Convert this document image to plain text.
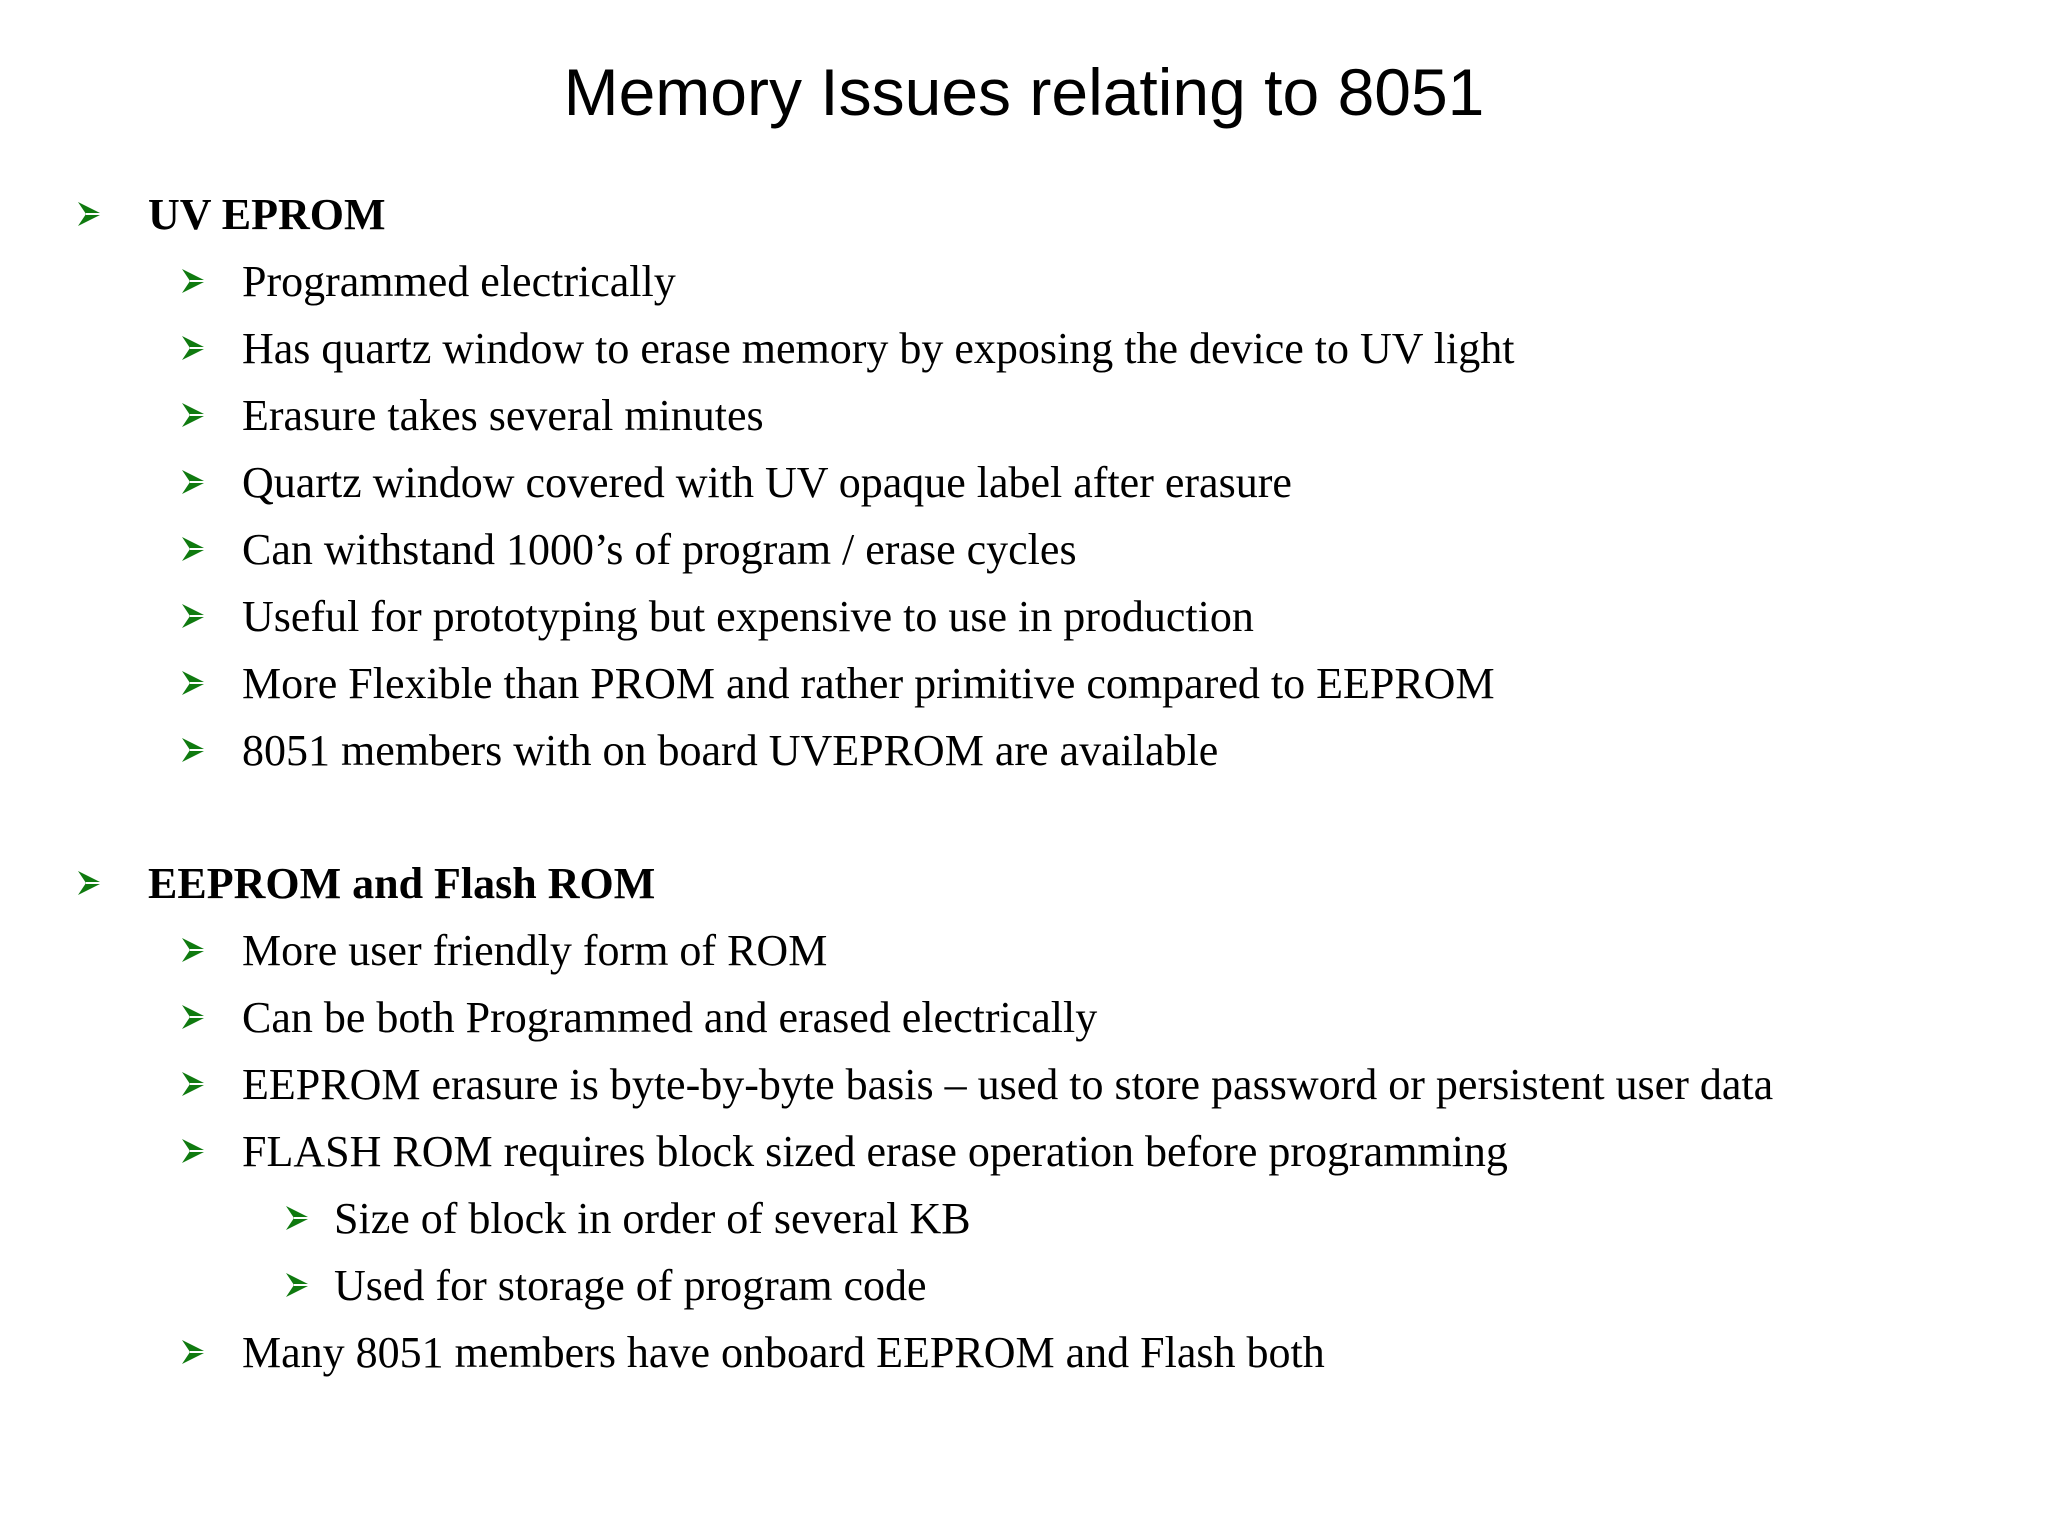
Memory Issues relating to 8051
UV EPROM
Programmed electrically
Has quartz window to erase memory by exposing the device to UV light
Erasure takes several minutes
Quartz window covered with UV opaque label after erasure
Can withstand 1000’s of program / erase cycles
Useful for prototyping but expensive to use in production
More Flexible than PROM and rather primitive compared to EEPROM
8051 members with on board UVEPROM are available
EEPROM and Flash ROM
More user friendly form of ROM
Can be both Programmed and erased electrically
EEPROM erasure is byte-by-byte basis – used to store password or persistent user data
FLASH ROM requires block sized erase operation before programming
Size of block in order of several KB
Used for storage of program code
Many 8051 members have onboard EEPROM and Flash both
